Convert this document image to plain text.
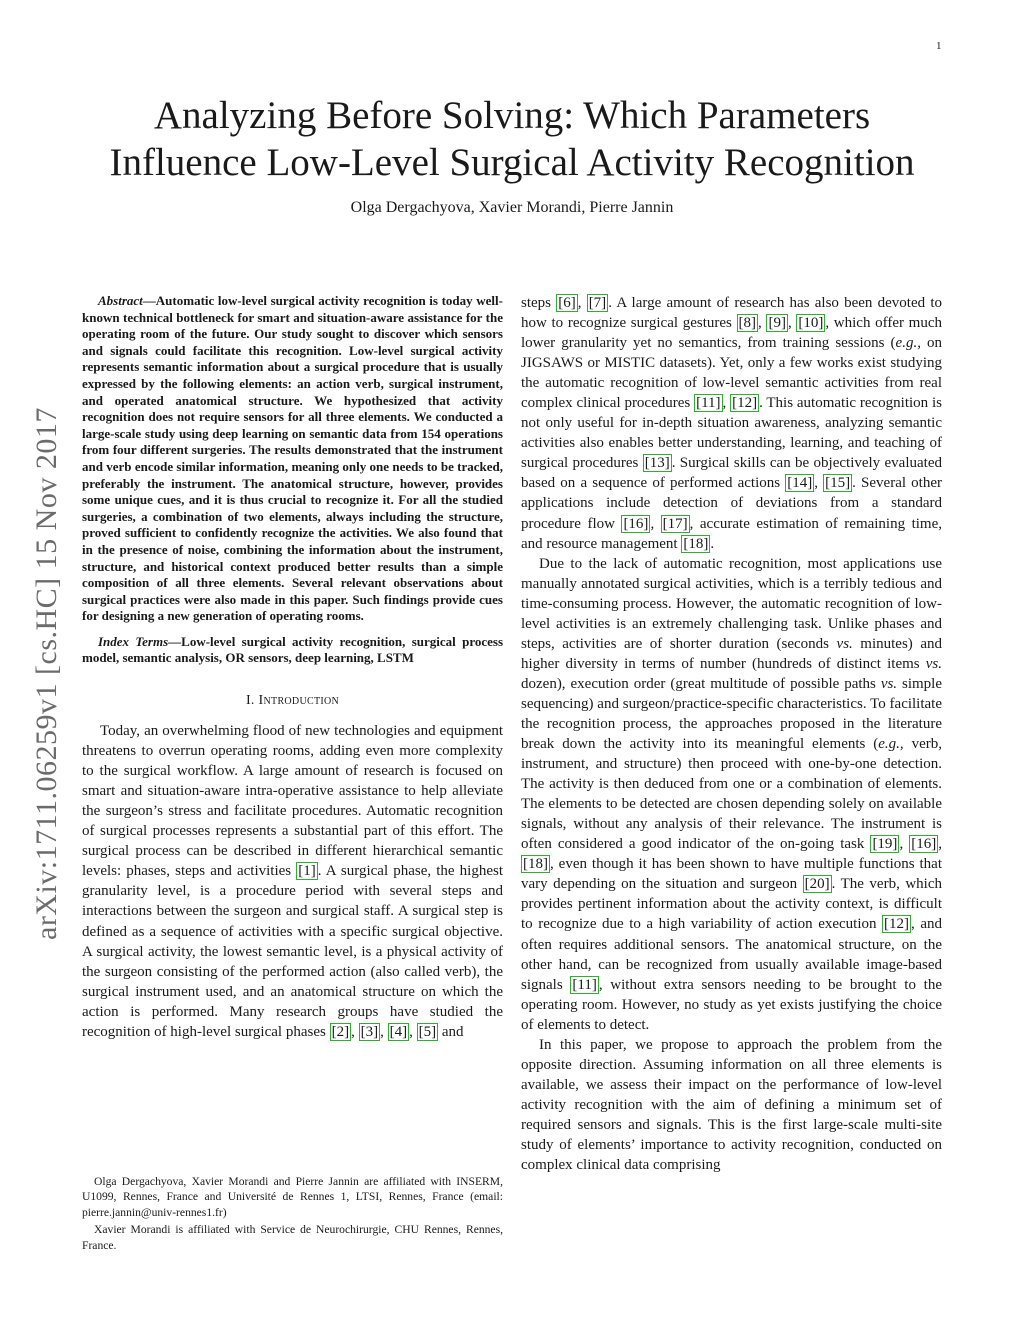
1
arXiv:1711.06259v1 [cs.HC] 15 Nov 2017
Analyzing Before Solving: Which Parameters
Influence Low-Level Surgical Activity Recognition
Olga Dergachyova, Xavier Morandi, Pierre Jannin

Abstract—Automatic low-level surgical activity recognition is today well-known technical bottleneck for smart and situation-aware assistance for the operating room of the future. Our study sought to discover which sensors and signals could facilitate this recognition. Low-level surgical activity represents semantic information about a surgical procedure that is usually expressed by the following elements: an action verb, surgical instrument, and operated anatomical structure. We hypothesized that activity recognition does not require sensors for all three elements. We conducted a large-scale study using deep learning on semantic data from 154 operations from four different surgeries. The results demonstrated that the instrument and verb encode similar information, meaning only one needs to be tracked, preferably the instrument. The anatomical structure, however, provides some unique cues, and it is thus crucial to recognize it. For all the studied surgeries, a combination of two elements, always including the structure, proved sufficient to confidently recognize the activities. We also found that in the presence of noise, combining the information about the instrument, structure, and historical context produced better results than a simple composition of all three elements. Several relevant observations about surgical practices were also made in this paper. Such findings provide cues for designing a new generation of operating rooms.

Index Terms—Low-level surgical activity recognition, surgical process model, semantic analysis, OR sensors, deep learning, LSTM

I. Introduction

Today, an overwhelming flood of new technologies and equipment threatens to overrun operating rooms, adding even more complexity to the surgical workflow. A large amount of research is focused on smart and situation-aware intra-operative assistance to help alleviate the surgeon’s stress and facilitate procedures. Automatic recognition of surgical processes represents a substantial part of this effort. The surgical process can be described in different hierarchical semantic levels: phases, steps and activities [1] . A surgical phase, the highest granularity level, is a procedure period with several steps and interactions between the surgeon and surgical staff. A surgical step is defined as a sequence of activities with a specific surgical objective. A surgical activity, the lowest semantic level, is a physical activity of the surgeon consisting of the performed action (also called verb), the surgical instrument used, and an anatomical structure on which the action is performed. Many research groups have studied the recognition of high-level surgical phases [2] , [3] , [4] , [5] and

steps [6] , [7] . A large amount of research has also been devoted to how to recognize surgical gestures [8] , [9] , [10] , which offer much lower granularity yet no semantics, from training sessions (e.g., on JIGSAWS or MISTIC datasets). Yet, only a few works exist studying the automatic recognition of low-level semantic activities from real complex clinical procedures [11] , [12] . This automatic recognition is not only useful for in-depth situation awareness, analyzing semantic activities also enables better understanding, learning, and teaching of surgical procedures [13] . Surgical skills can be objectively evaluated based on a sequence of performed actions [14] , [15] . Several other applications include detection of deviations from a standard procedure flow [16] , [17] , accurate estimation of remaining time, and resource management [18] .

Due to the lack of automatic recognition, most applications use manually annotated surgical activities, which is a terribly tedious and time-consuming process. However, the automatic recognition of low-level activities is an extremely challenging task. Unlike phases and steps, activities are of shorter duration (seconds vs. minutes) and higher diversity in terms of number (hundreds of distinct items vs. dozen), execution order (great multitude of possible paths vs. simple sequencing) and surgeon/practice-specific characteristics. To facilitate the recognition process, the approaches proposed in the literature break down the activity into its meaningful elements (e.g., verb, instrument, and structure) then proceed with one-by-one detection. The activity is then deduced from one or a combination of elements. The elements to be detected are chosen depending solely on available signals, without any analysis of their relevance. The instrument is often considered a good indicator of the on-going task [19] , [16] , [18] , even though it has been shown to have multiple functions that vary depending on the situation and surgeon [20] . The verb, which provides pertinent information about the activity context, is difficult to recognize due to a high variability of action execution [12] , and often requires additional sensors. The anatomical structure, on the other hand, can be recognized from usually available image-based signals [11] , without extra sensors needing to be brought to the operating room. However, no study as yet exists justifying the choice of elements to detect.

In this paper, we propose to approach the problem from the opposite direction. Assuming information on all three elements is available, we assess their impact on the performance of low-level activity recognition with the aim of defining a minimum set of required sensors and signals. This is the first large-scale multi-site study of elements’ importance to activity recognition, conducted on complex clinical data comprising

Olga Dergachyova, Xavier Morandi and Pierre Jannin are affiliated with INSERM, U1099, Rennes, France and Université de Rennes 1, LTSI, Rennes, France (email: pierre.jannin@univ-rennes1.fr)

Xavier Morandi is affiliated with Service de Neurochirurgie, CHU Rennes, Rennes, France.
